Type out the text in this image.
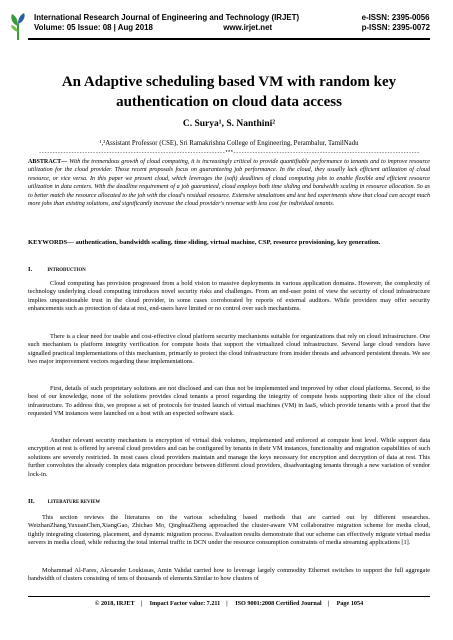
International Research Journal of Engineering and Technology (IRJET)
Volume: 05 Issue: 08 | Aug 2018	www.irjet.net
e-ISSN: 2395-0056
p-ISSN: 2395-0072
An Adaptive scheduling based VM with random key authentication on cloud data access
C. Surya¹, S. Nanthini²
¹,²Assistant Professor (CSE), Sri Ramakrishna College of Engineering, Perambalur, TamilNadu
---------------------------------------------------------------------***---------------------------------------------------------------------
ABSTRACT— With the tremendous growth of cloud computing, it is increasingly critical to provide quantifiable performance to tenants and to improve resource utilization for the cloud provider. Those recent proposals focus on guaranteeing job performance. In the cloud, they usually lack efficient utilization of cloud resource, or vice versa. In this paper we present cloud, which leverages the (soft) deadlines of cloud computing jobs to enable flexible and efficient resource utilization in data centers. With the deadline requirement of a job guaranteed, cloud employs both time sliding and bandwidth scaling in resource allocation. So as to better match the resource allocated to the job with the cloud's residual resource. Extensive simulations and test bed experiments show that cloud can accept much more jobs than existing solutions, and significantly increase the cloud provider's revenue with less cost for individual tenants.
KEYWORDS— authentication, bandwidth scaling, time sliding, virtual machine, CSP, resource provisioning, key generation.
I.	INTRODUCTION
Cloud computing has provision progressed from a bold vision to massive deployments in various application domains. However, the complexity of technology underlying cloud computing introduces novel security risks and challenges. From an end-user point of view the security of cloud infrastructure implies unquestionable trust in the cloud provider, in some cases corroborated by reports of external auditors. While providers may offer security enhancements such as protection of data at rest, end-users have limited or no control over such mechanisms.
There is a clear need for usable and cost-effective cloud platform security mechanisms suitable for organizations that rely on cloud infrastructure. One such mechanism is platform integrity verification for compute hosts that support the virtualized cloud infrastructure. Several large cloud vendors have signalled practical implementations of this mechanism, primarily to protect the cloud infrastructure from insider threats and advanced persistent threats. We see two major improvement vectors regarding these implementations.
First, details of such proprietary solutions are not disclosed and can thus not be implemented and improved by other cloud platforms. Second, to the best of our knowledge, none of the solutions provides cloud tenants a proof regarding the integrity of compute hosts supporting their slice of the cloud infrastructure. To address this, we propose a set of protocols for trusted launch of virtual machines (VM) in IaaS, which provide tenants with a proof that the requested VM instances were launched on a host with an expected software stack.
Another relevant security mechanism is encryption of virtual disk volumes, implemented and enforced at compute host level. While support data encryption at rest is offered by several cloud providers and can be configured by tenants in their VM instances, functionality and migration capabilities of such solutions are severely restricted. In most cases cloud providers maintain and manage the keys necessary for encryption and decryption of data at rest. This further convolutes the already complex data migration procedure between different cloud providers, disadvantaging tenants through a new variation of vendor lock-in.
II.	LITERATURE REVIEW
This section reviews the literatures on the various scheduling based methods that are carried out by different researches. WeizhanZhang,YuxuanChen,XiangGao, Zhichao Mo, QinghuaZheng approached the cluster-aware VM collaborative migration scheme for media cloud, tightly integrating clustering, placement, and dynamic migration process. Evaluation results demonstrate that our scheme can effectively migrate virtual media servers in media cloud, while reducing the total internal traffic in DCN under the resource consumption constraints of media streaming applications [1].
Mohammad Al-Fares, Alexander Loukissas, Amin Vahdat carried how to leverage largely commodity Ethernet switches to support the full aggregate bandwidth of clusters consisting of tens of thousands of elements.Similar to how clusters of
© 2018, IRJET | Impact Factor value: 7.211 | ISO 9001:2008 Certified Journal | Page 1054
